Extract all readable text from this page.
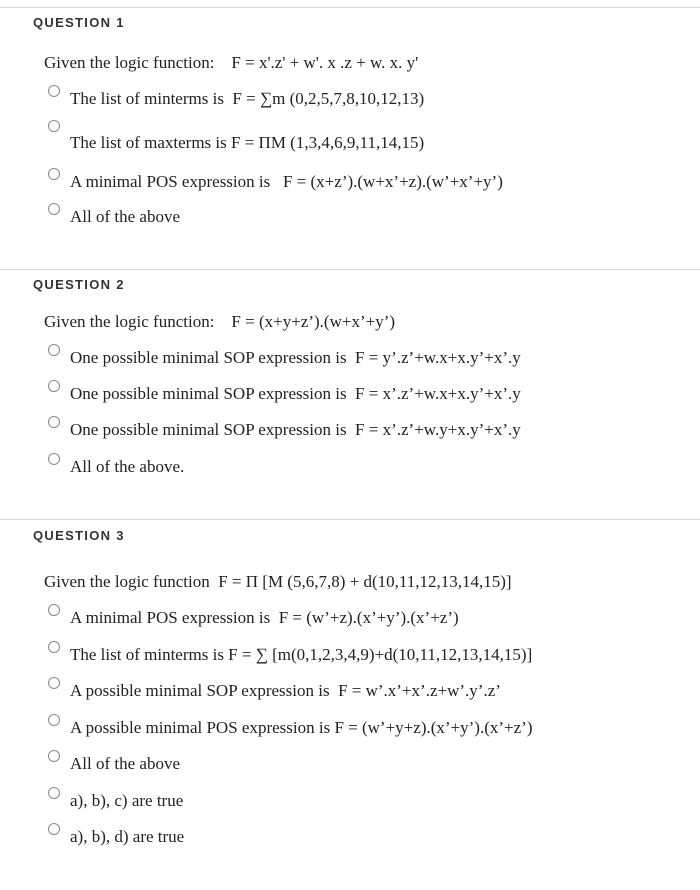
QUESTION 1
Given the logic function:    F = x'.z' + w'. x .z + w. x. y'
The list of minterms is  F = ∑m (0,2,5,7,8,10,12,13)
The list of maxterms is F = ΠM (1,3,4,6,9,11,14,15)
A minimal POS expression is   F = (x+z’).(w+x’+z).(w’+x’+y’)
All of the above
QUESTION 2
Given the logic function:    F = (x+y+z’).(w+x’+y’)
One possible minimal SOP expression is  F = y’.z’+w.x+x.y’+x’.y
One possible minimal SOP expression is  F = x’.z’+w.x+x.y’+x’.y
One possible minimal SOP expression is  F = x’.z’+w.y+x.y’+x’.y
All of the above.
QUESTION 3
Given the logic function  F = Π [M (5,6,7,8) + d(10,11,12,13,14,15)]
A minimal POS expression is  F = (w’+z).(x’+y’).(x’+z’)
The list of minterms is F = ∑ [m(0,1,2,3,4,9)+d(10,11,12,13,14,15)]
A possible minimal SOP expression is  F = w’.x’+x’.z+w’.y’.z’
A possible minimal POS expression is F = (w’+y+z).(x’+y’).(x’+z’)
All of the above
a), b), c) are true
a), b), d) are true
